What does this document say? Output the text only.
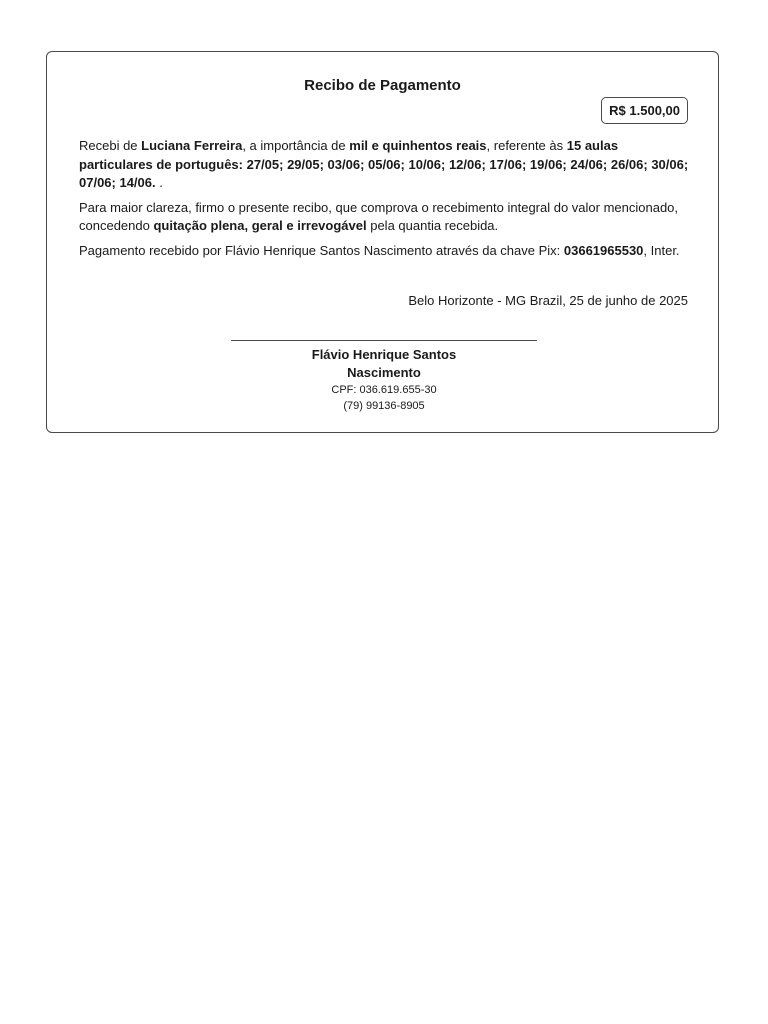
Recibo de Pagamento
R$ 1.500,00

Recebi de Luciana Ferreira, a importância de mil e quinhentos reais, referente às 15 aulas particulares de português: 27/05; 29/05; 03/06; 05/06; 10/06; 12/06; 17/06; 19/06; 24/06; 26/06; 30/06; 07/06; 14/06. .

Para maior clareza, firmo o presente recibo, que comprova o recebimento integral do valor mencionado, concedendo quitação plena, geral e irrevogável pela quantia recebida.

Pagamento recebido por Flávio Henrique Santos Nascimento através da chave Pix: 03661965530, Inter.

Belo Horizonte - MG Brazil, 25 de junho de 2025
Flávio Henrique Santos Nascimento
CPF: 036.619.655-30
(79) 99136-8905
